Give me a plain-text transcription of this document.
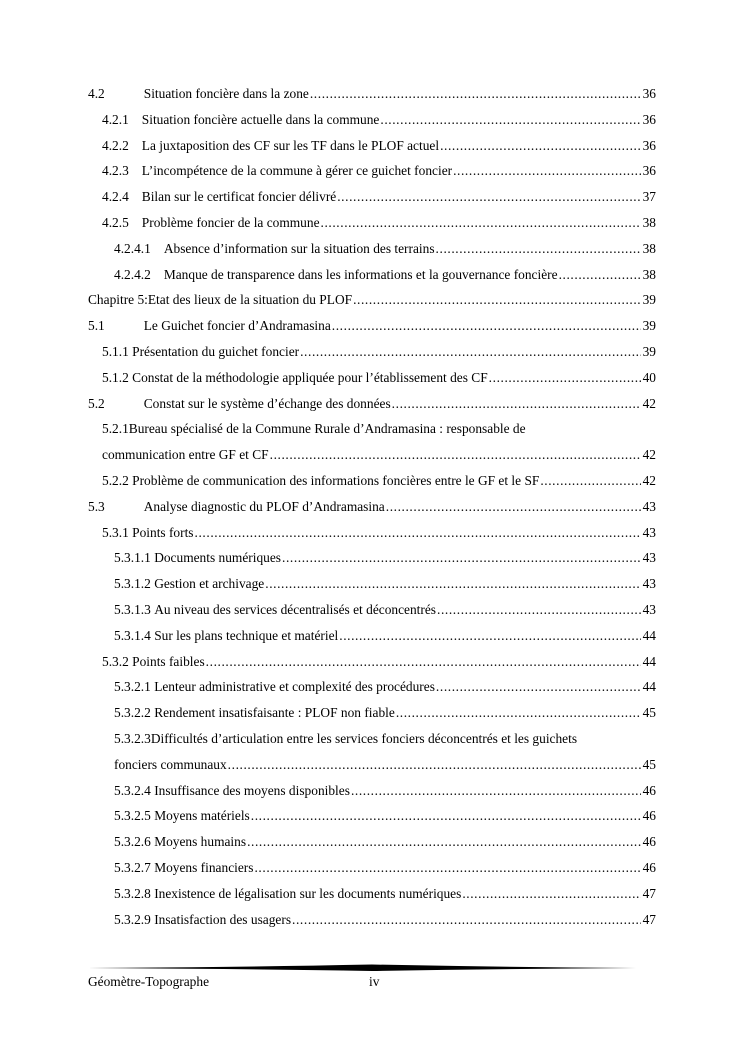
4.2	Situation foncière dans la zone .....	36
4.2.1 Situation foncière actuelle dans la commune .....	36
4.2.2 La juxtaposition des CF sur les TF dans le PLOF actuel .....	36
4.2.3 L’incompétence de la commune à gérer ce guichet foncier .....	36
4.2.4 Bilan sur le certificat foncier délivré .....	37
4.2.5 Problème foncier de la commune .....	38
4.2.4.1 Absence d’information sur la situation des terrains .....	38
4.2.4.2 Manque de transparence dans les informations et la gouvernance foncière .....	38
Chapitre 5:Etat des lieux de la situation du PLOF .....	39
5.1	Le Guichet foncier d’Andramasina .....	39
5.1.1 Présentation du guichet foncier .....	39
5.1.2 Constat de la méthodologie appliquée pour l’établissement des CF .....	40
5.2	Constat sur le système d’échange des données .....	42
5.2.1Bureau spécialisé de la Commune Rurale d’Andramasina : responsable de
communication entre GF et CF .....	42
5.2.2 Problème de communication des informations foncières entre le GF et le SF .....	42
5.3	Analyse diagnostic du PLOF d’Andramasina .....	43
5.3.1 Points forts .....	43
5.3.1.1 Documents numériques .....	43
5.3.1.2 Gestion et archivage .....	43
5.3.1.3 Au niveau des services décentralisés et déconcentrés .....	43
5.3.1.4 Sur les plans technique et matériel .....	44
5.3.2 Points faibles .....	44
5.3.2.1 Lenteur administrative et complexité des procédures .....	44
5.3.2.2 Rendement insatisfaisante : PLOF non fiable .....	45
5.3.2.3Difficultés d’articulation entre les services fonciers déconcentrés et les guichets
fonciers communaux .....	45
5.3.2.4 Insuffisance des moyens disponibles .....	46
5.3.2.5 Moyens matériels .....	46
5.3.2.6 Moyens humains .....	46
5.3.2.7 Moyens financiers .....	46
5.3.2.8 Inexistence de légalisation sur les documents numériques .....	47
5.3.2.9 Insatisfaction des usagers .....	47
Géomètre-Topographe	iv
